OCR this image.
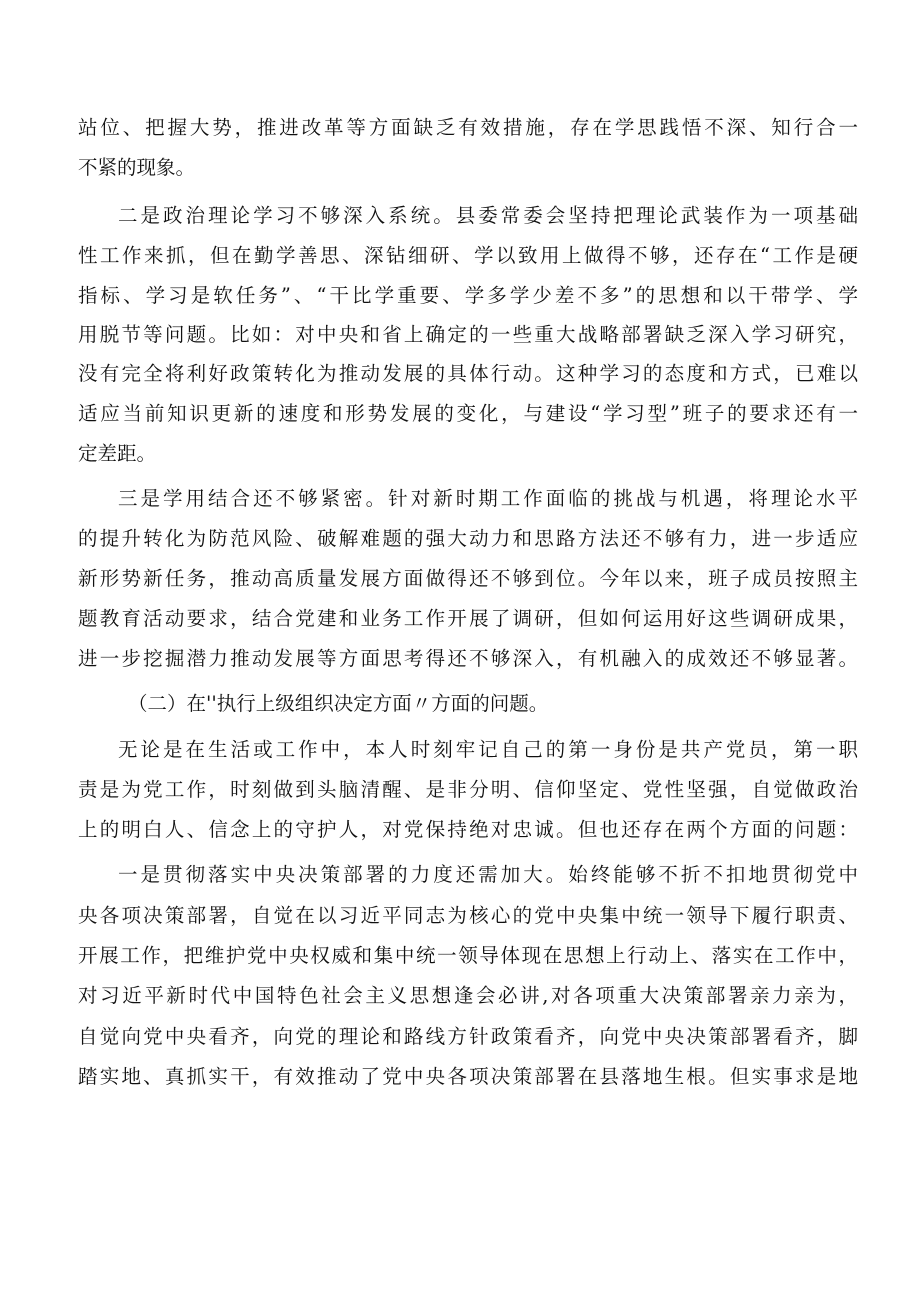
站位、把握大势，推进改革等方面缺乏有效措施，存在学思践悟不深、知行合一
不紧的现象。
二是政治理论学习不够深入系统。县委常委会坚持把理论武装作为一项基础
性工作来抓，但在勤学善思、深钻细研、学以致用上做得不够，还存在“工作是硬
指标、学习是软任务”、“干比学重要、学多学少差不多”的思想和以干带学、学
用脱节等问题。比如：对中央和省上确定的一些重大战略部署缺乏深入学习研究，
没有完全将利好政策转化为推动发展的具体行动。这种学习的态度和方式，已难以
适应当前知识更新的速度和形势发展的变化，与建设“学习型”班子的要求还有一
定差距。
三是学用结合还不够紧密。针对新时期工作面临的挑战与机遇，将理论水平
的提升转化为防范风险、破解难题的强大动力和思路方法还不够有力，进一步适应
新形势新任务，推动高质量发展方面做得还不够到位。今年以来，班子成员按照主
题教育活动要求，结合党建和业务工作开展了调研，但如何运用好这些调研成果，
进一步挖掘潜力推动发展等方面思考得还不够深入，有机融入的成效还不够显著。
（二）在''执行上级组织决定方面〃方面的问题。
无论是在生活或工作中，本人时刻牢记自己的第一身份是共产党员，第一职
责是为党工作，时刻做到头脑清醒、是非分明、信仰坚定、党性坚强，自觉做政治
上的明白人、信念上的守护人，对党保持绝对忠诚。但也还存在两个方面的问题：
一是贯彻落实中央决策部署的力度还需加大。始终能够不折不扣地贯彻党中
央各项决策部署，自觉在以习近平同志为核心的党中央集中统一领导下履行职责、
开展工作，把维护党中央权威和集中统一领导体现在思想上行动上、落实在工作中，
对习近平新时代中国特色社会主义思想逢会必讲,对各项重大决策部署亲力亲为，
自觉向党中央看齐，向党的理论和路线方针政策看齐，向党中央决策部署看齐，脚
踏实地、真抓实干，有效推动了党中央各项决策部署在县落地生根。但实事求是地
